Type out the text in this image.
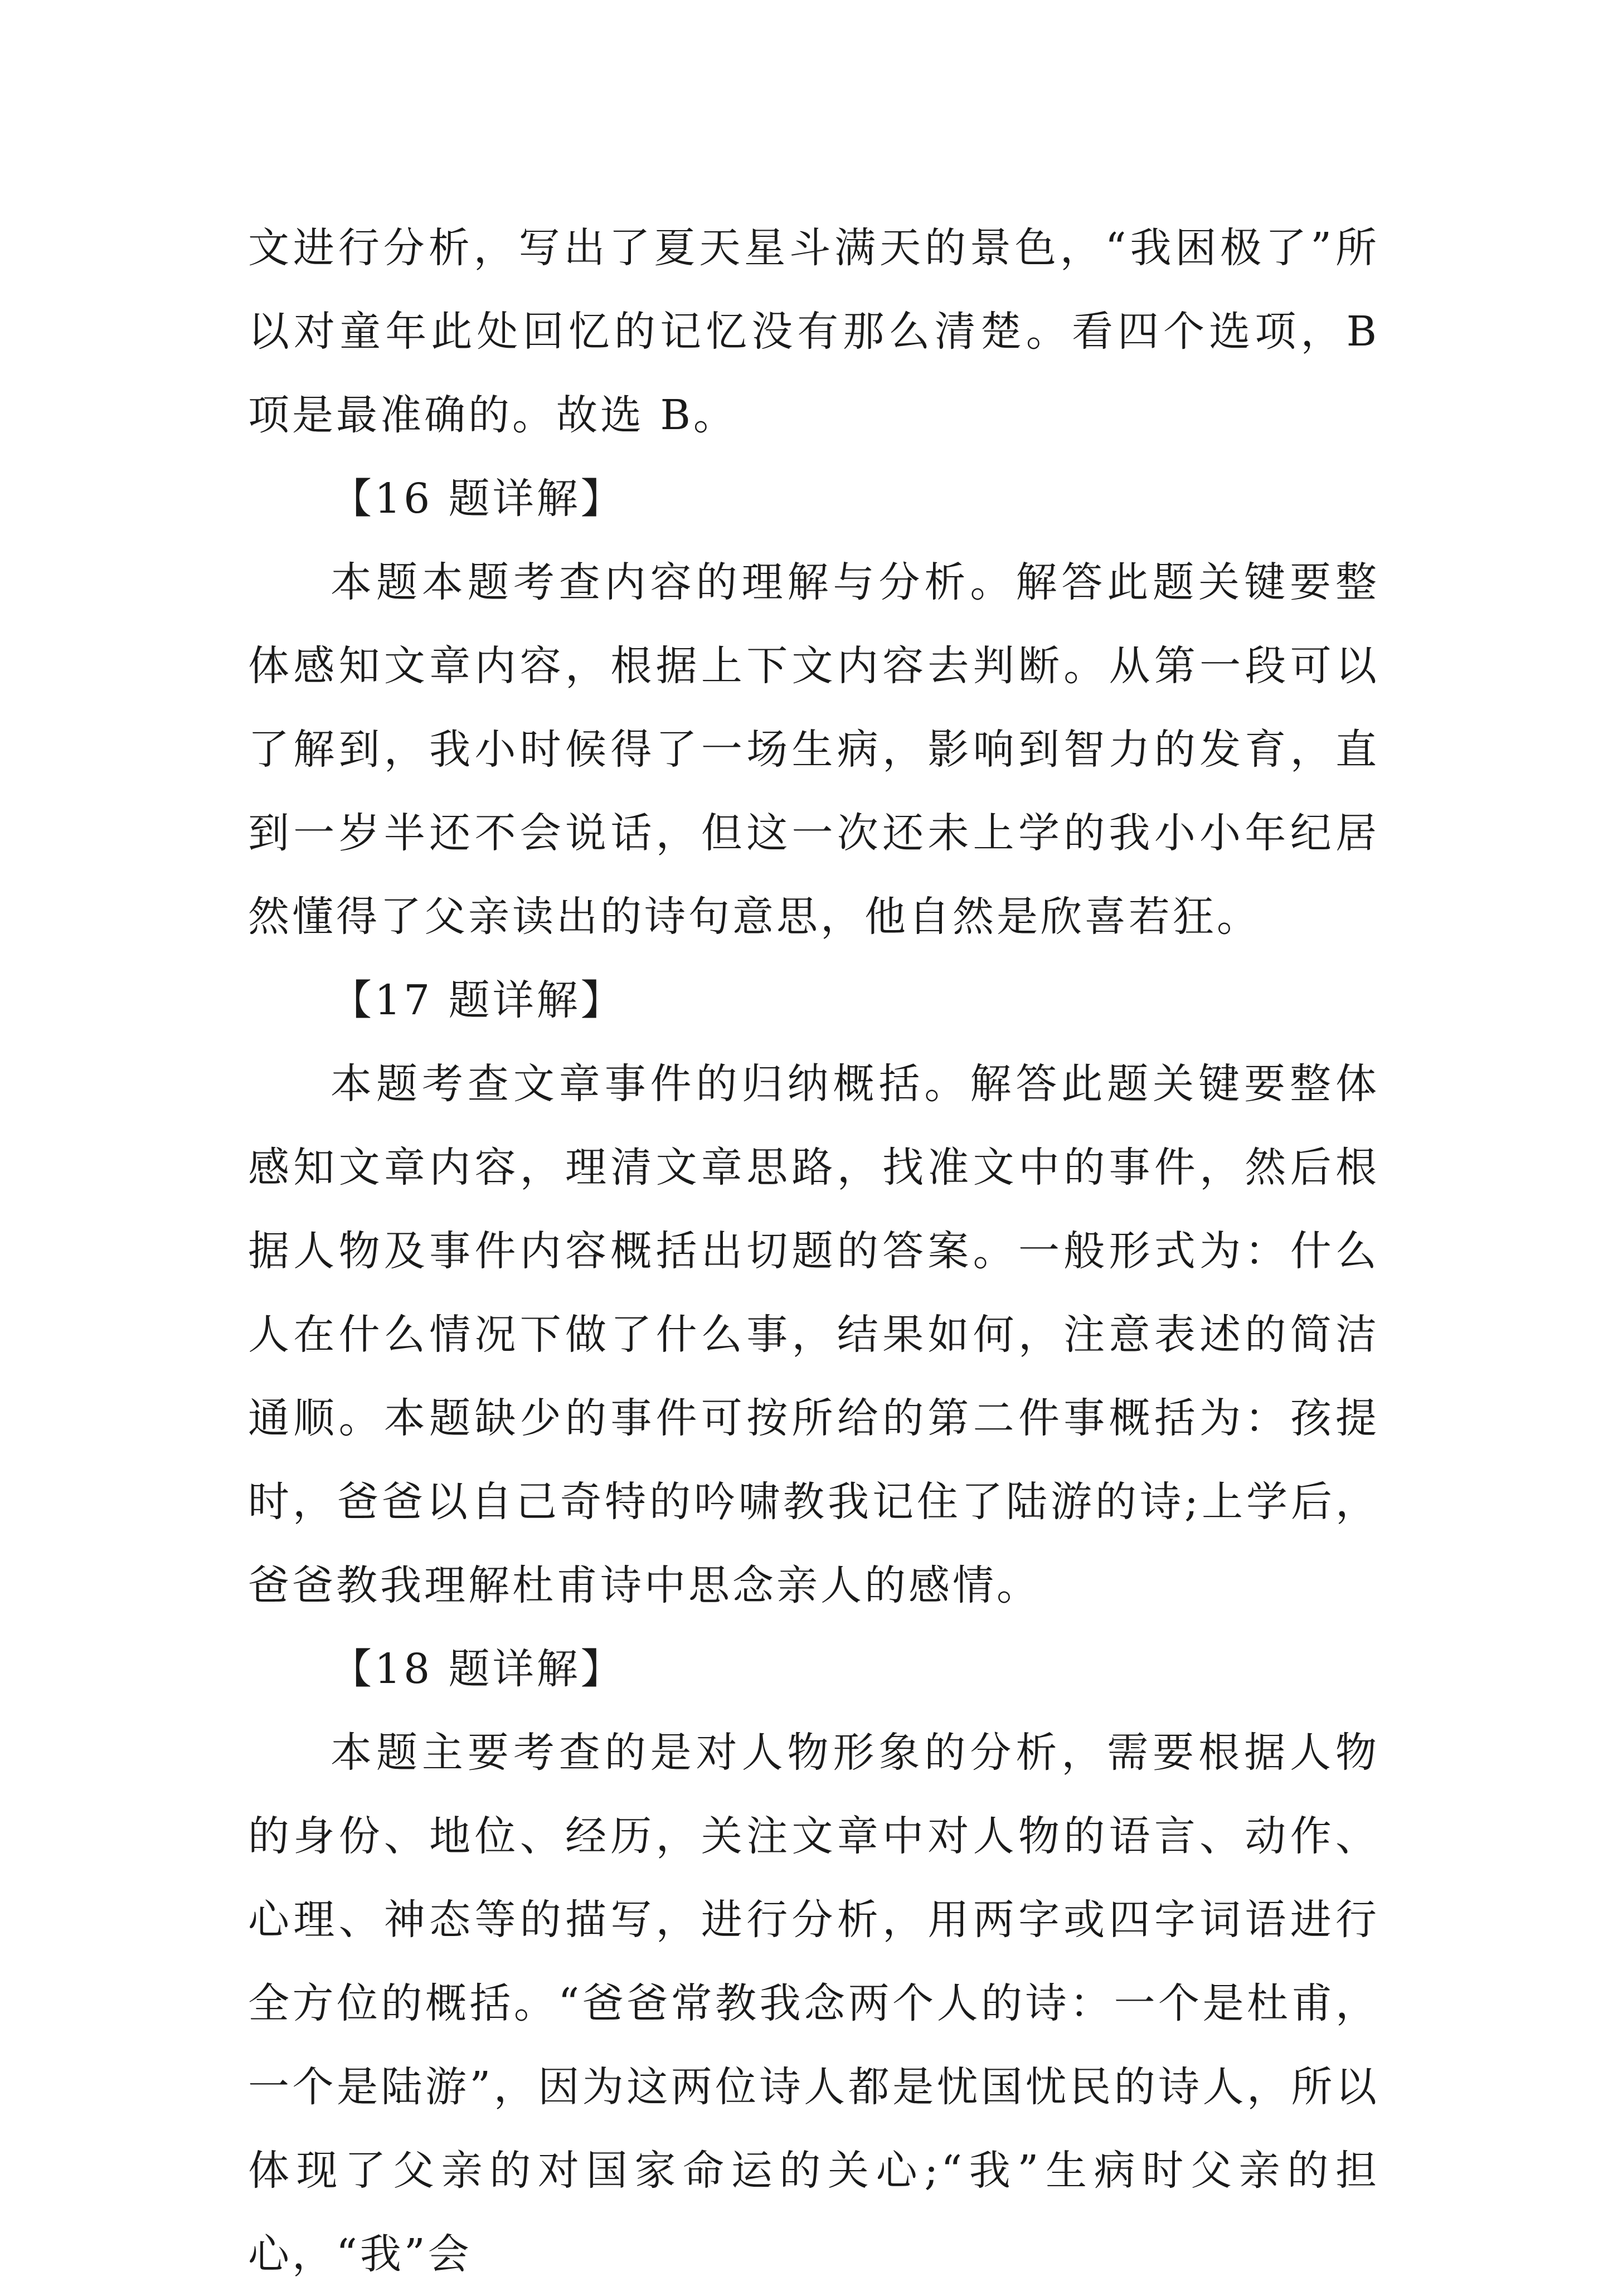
文进行分析，写出了夏天星斗满天的景色，“我困极了”所以对童年此处回忆的记忆没有那么清楚。看四个选项，B 项是最准确的。故选 B。

【16 题详解】

本题本题考查内容的理解与分析。解答此题关键要整体感知文章内容，根据上下文内容去判断。从第一段可以了解到，我小时候得了一场生病，影响到智力的发育，直到一岁半还不会说话，但这一次还未上学的我小小年纪居然懂得了父亲读出的诗句意思，他自然是欣喜若狂。

【17 题详解】

本题考查文章事件的归纳概括。解答此题关键要整体感知文章内容，理清文章思路，找准文中的事件，然后根据人物及事件内容概括出切题的答案。一般形式为：什么人在什么情况下做了什么事，结果如何，注意表述的简洁通顺。本题缺少的事件可按所给的第二件事概括为：孩提时，爸爸以自己奇特的吟啸教我记住了陆游的诗;上学后，爸爸教我理解杜甫诗中思念亲人的感情。

【18 题详解】

本题主要考查的是对人物形象的分析，需要根据人物的身份、地位、经历，关注文章中对人物的语言、动作、心理、神态等的描写，进行分析，用两字或四字词语进行全方位的概括。“爸爸常教我念两个人的诗：一个是杜甫，一个是陆游”，因为这两位诗人都是忧国忧民的诗人，所以体现了父亲的对国家命运的关心;“我”生病时父亲的担心，“我”会
